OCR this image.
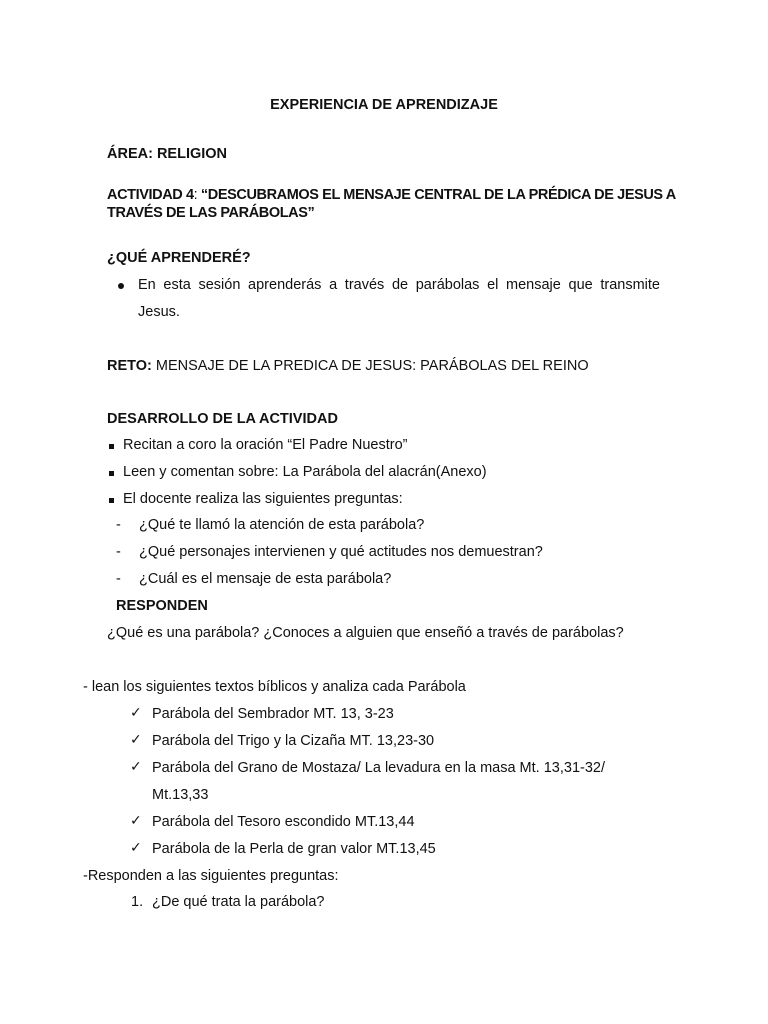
EXPERIENCIA DE APRENDIZAJE
ÁREA: RELIGION
ACTIVIDAD 4: “DESCUBRAMOS EL MENSAJE CENTRAL DE LA PRÉDICA DE JESUS A
TRAVÉS DE LAS PARÁBOLAS”
¿QUÉ APRENDERÉ?
En esta sesión aprenderás a través de parábolas el mensaje que transmite
Jesus.
RETO: MENSAJE DE LA PREDICA DE JESUS: PARÁBOLAS DEL REINO
DESARROLLO DE LA ACTIVIDAD
Recitan a coro la oración “El Padre Nuestro”
Leen y comentan sobre: La Parábola del alacrán(Anexo)
El docente realiza las siguientes preguntas:
- ¿Qué te llamó la atención de esta parábola?
- ¿Qué personajes intervienen y qué actitudes nos demuestran?
- ¿Cuál es el mensaje de esta parábola?
RESPONDEN
¿Qué es una parábola? ¿Conoces a alguien que enseñó a través de parábolas?
- lean los siguientes textos bíblicos y analiza cada Parábola
✓ Parábola del Sembrador MT. 13, 3-23
✓ Parábola del Trigo y la Cizaña MT. 13,23-30
✓ Parábola del Grano de Mostaza/ La levadura en la masa Mt. 13,31-32/
Mt.13,33
✓ Parábola del Tesoro escondido MT.13,44
✓ Parábola de la Perla de gran valor MT.13,45
-Responden a las siguientes preguntas:
1. ¿De qué trata la parábola?
